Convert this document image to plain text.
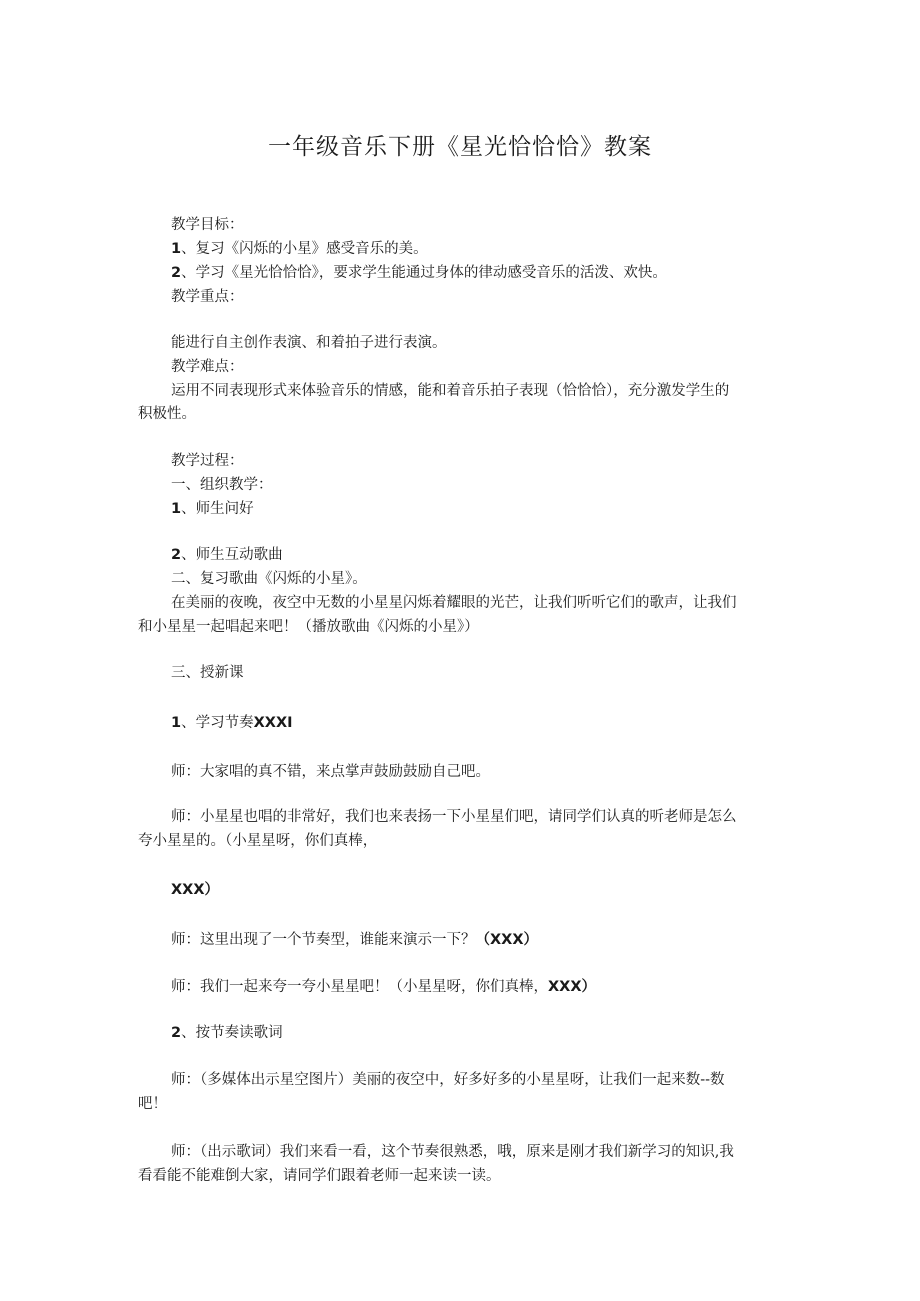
一年级音乐下册《星光恰恰恰》教案
教学目标：
1、复习《闪烁的小星》感受音乐的美。
2、学习《星光恰恰恰》，要求学生能通过身体的律动感受音乐的活泼、欢快。
教学重点：
能进行自主创作表演、和着拍子进行表演。
教学难点：
运用不同表现形式来体验音乐的情感，能和着音乐拍子表现（恰恰恰），充分激发学生的
积极性。
教学过程：
一、组织教学：
1、师生问好
2、师生互动歌曲
二、复习歌曲《闪烁的小星》。
在美丽的夜晚，夜空中无数的小星星闪烁着耀眼的光芒，让我们听听它们的歌声，让我们
和小星星一起唱起来吧！（播放歌曲《闪烁的小星》）
三、授新课
1、学习节奏XXXI
师：大家唱的真不错，来点掌声鼓励鼓励自己吧。
师：小星星也唱的非常好，我们也来表扬一下小星星们吧，请同学们认真的听老师是怎么
夸小星星的。（小星星呀，你们真棒，
XXX）
师：这里出现了一个节奏型，谁能来演示一下？（XXX）
师：我们一起来夸一夸小星星吧！（小星星呀，你们真棒，XXX）
2、按节奏读歌词
师：（多媒体出示星空图片）美丽的夜空中，好多好多的小星星呀，让我们一起来数--数
吧！
师：（出示歌词）我们来看一看，这个节奏很熟悉，哦，原来是刚才我们新学习的知识,我
看看能不能难倒大家，请同学们跟着老师一起来读一读。
